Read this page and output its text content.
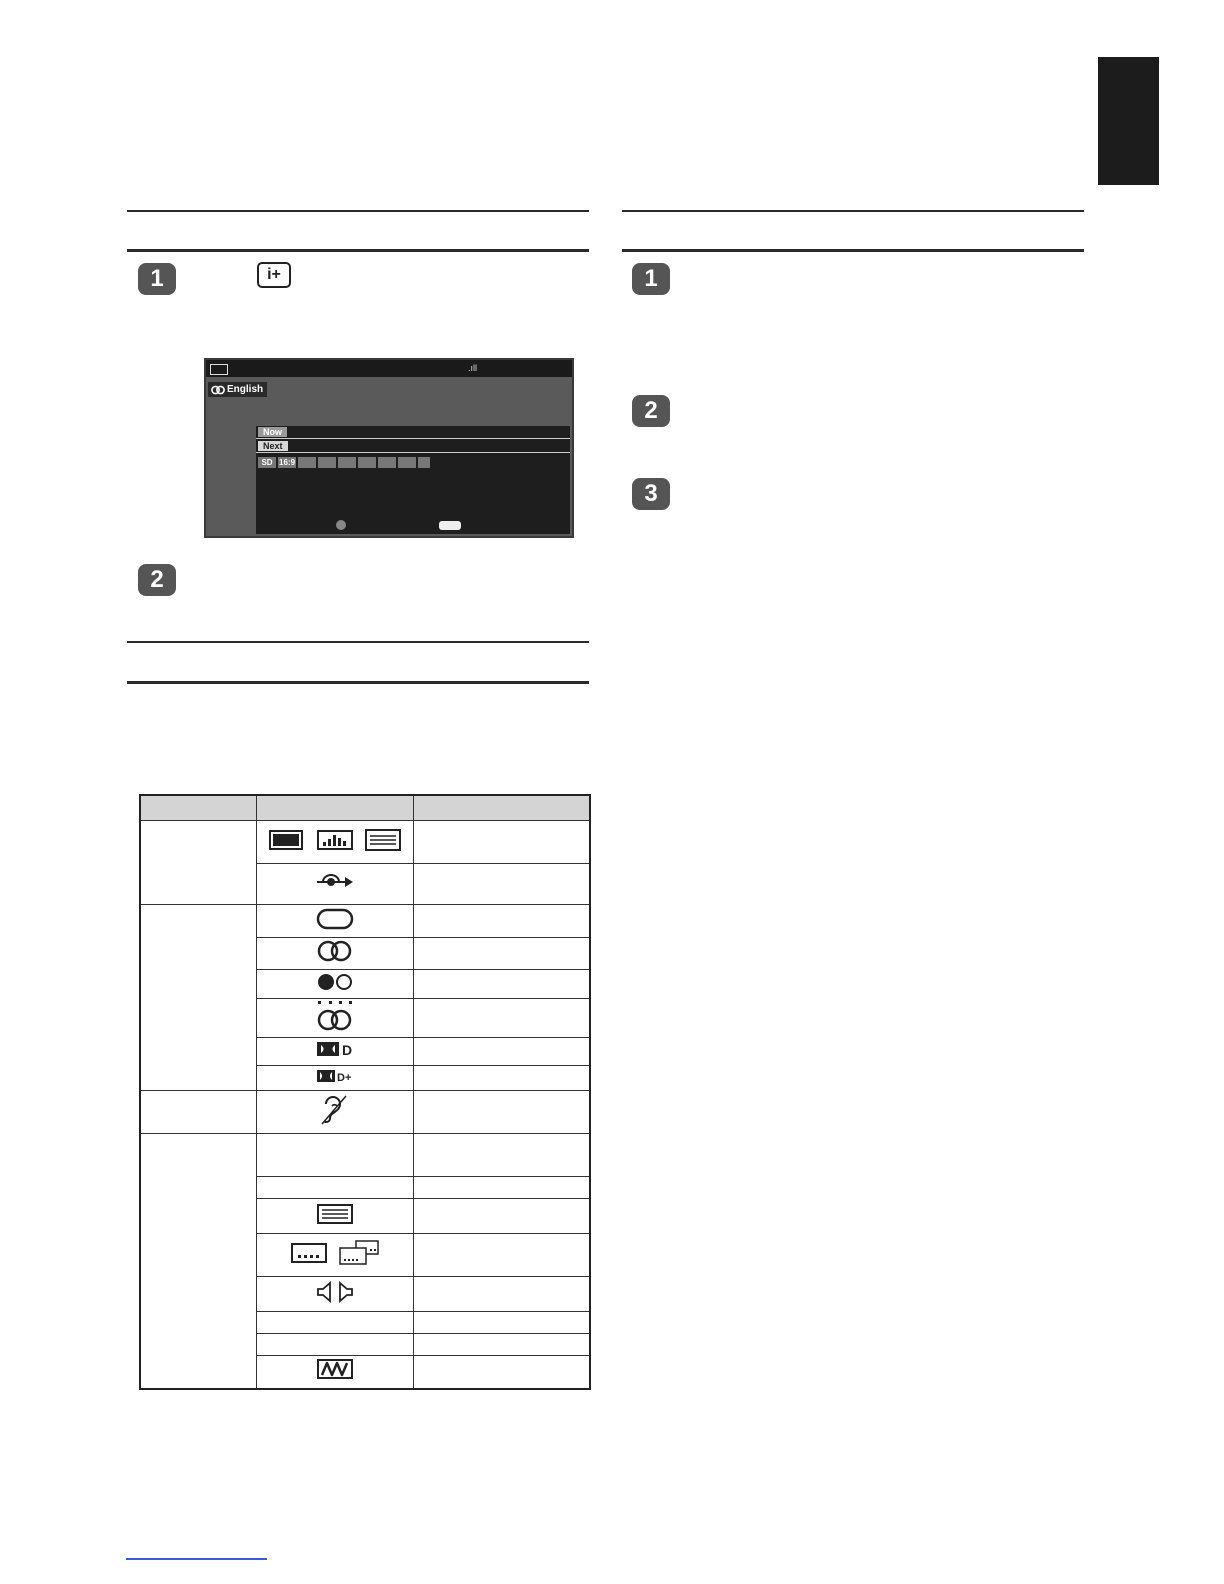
1	i+
.ıll
English
Now
Next
SD 16:9
2
1
2
3

D	

D+	
